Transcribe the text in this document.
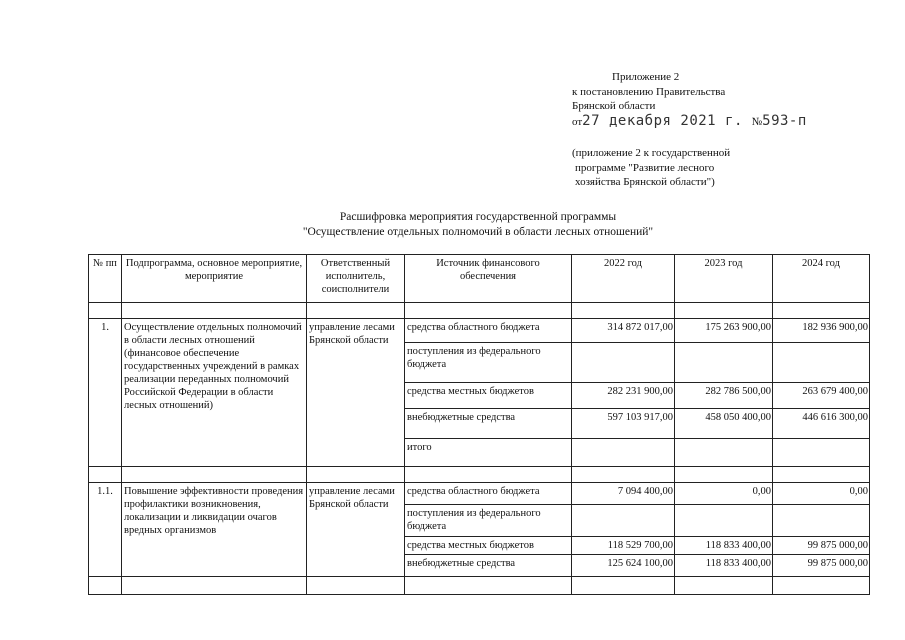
Приложение 2
к постановлению Правительства
Брянской области
от27 декабря 2021 г. №593-п
(приложение 2 к государственной
программе "Развитие лесного
хозяйства Брянской области")
Расшифровка мероприятия государственной программы
"Осуществление отдельных полномочий в области лесных отношений"
№ пп	Подпрограмма, основное мероприятие, мероприятие	Ответственный исполнитель, соисполнители	Источник финансового обеспечения	2022 год	2023 год	2024 год

1.	Осуществление отдельных полномочий в области лесных отношений (финансовое обеспечение государственных учреждений в рамках реализации переданных полномочий Российской Федерации в области лесных отношений)	управление лесами Брянской области	средства областного бюджета	314 872 017,00	175 263 900,00	182 936 900,00
			поступления из федерального бюджета			
			средства местных бюджетов	282 231 900,00	282 786 500,00	263 679 400,00
			внебюджетные средства	597 103 917,00	458 050 400,00	446 616 300,00
			итого			

1.1.	Повышение эффективности проведения профилактики возникновения, локализации и ликвидации очагов вредных организмов	управление лесами Брянской области	средства областного бюджета	7 094 400,00	0,00	0,00
			поступления из федерального бюджета			
			средства местных бюджетов	118 529 700,00	118 833 400,00	99 875 000,00
			внебюджетные средства	125 624 100,00	118 833 400,00	99 875 000,00
